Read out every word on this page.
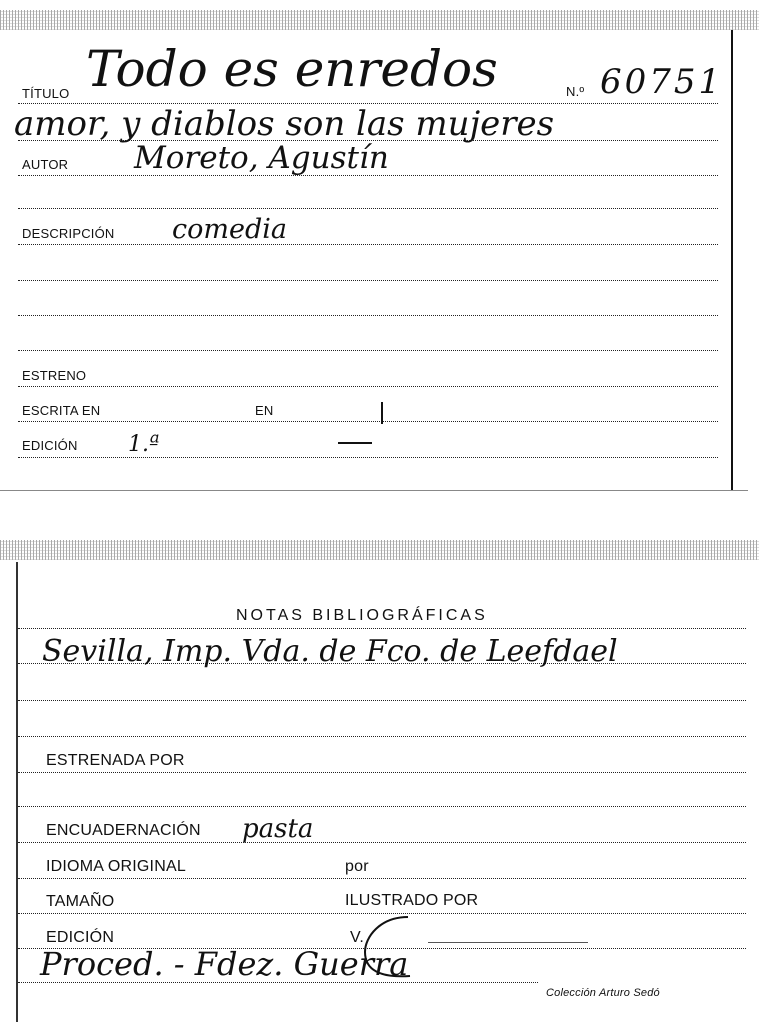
TÍTULO Todo es enredos	N.º 60751
amor, y diablos son las mujeres
AUTOR Moreto, Agustín
DESCRIPCIÓN comedia
ESTRENO
ESCRITA EN	EN
EDICIÓN 1.ª
NOTAS BIBLIOGRÁFICAS
Sevilla, Imp. Vda. de Fco. de Leefdael
ESTRENADA POR
ENCUADERNACIÓN pasta
IDIOMA ORIGINAL	por
TAMAÑO	ILUSTRADO POR
EDICIÓN	V.
Proced. - Fdez. Guerra
Colección Arturo Sedó
